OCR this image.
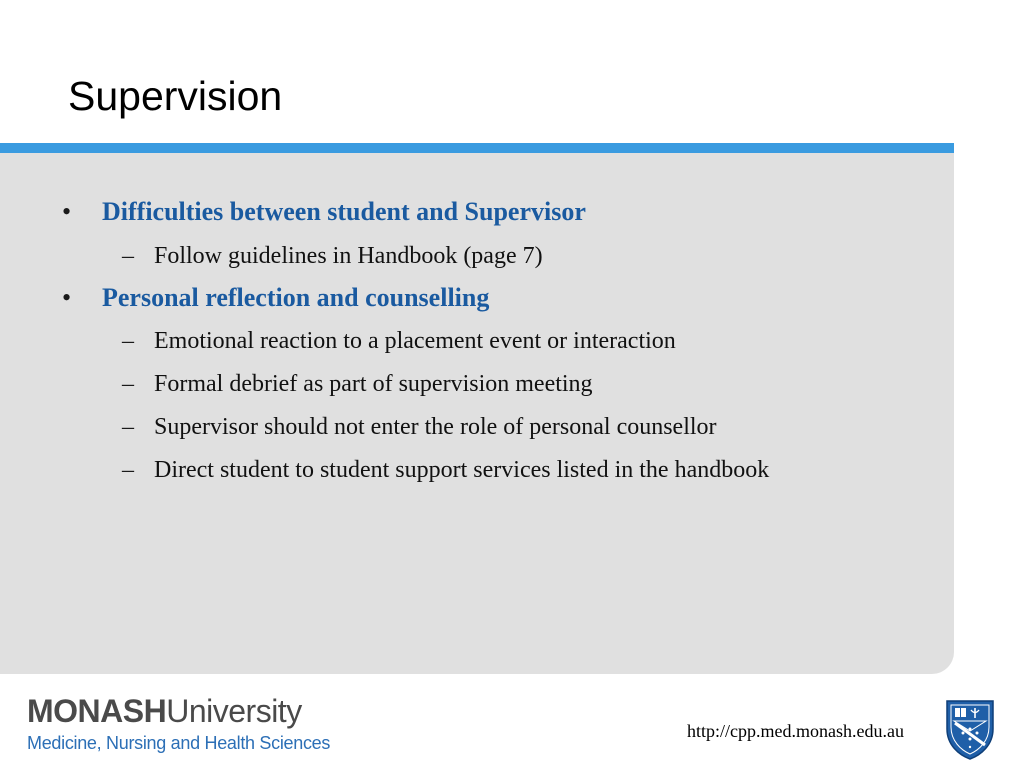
Supervision
•	Difficulties between student and Supervisor
– Follow guidelines in Handbook (page 7)
•	Personal reflection and counselling
– Emotional reaction to a placement event or interaction
– Formal debrief as part of supervision meeting
– Supervisor should not enter the role of personal counsellor
– Direct student to student support services listed in the handbook
MONASHUniversity
Medicine, Nursing and Health Sciences
http://cpp.med.monash.edu.au
